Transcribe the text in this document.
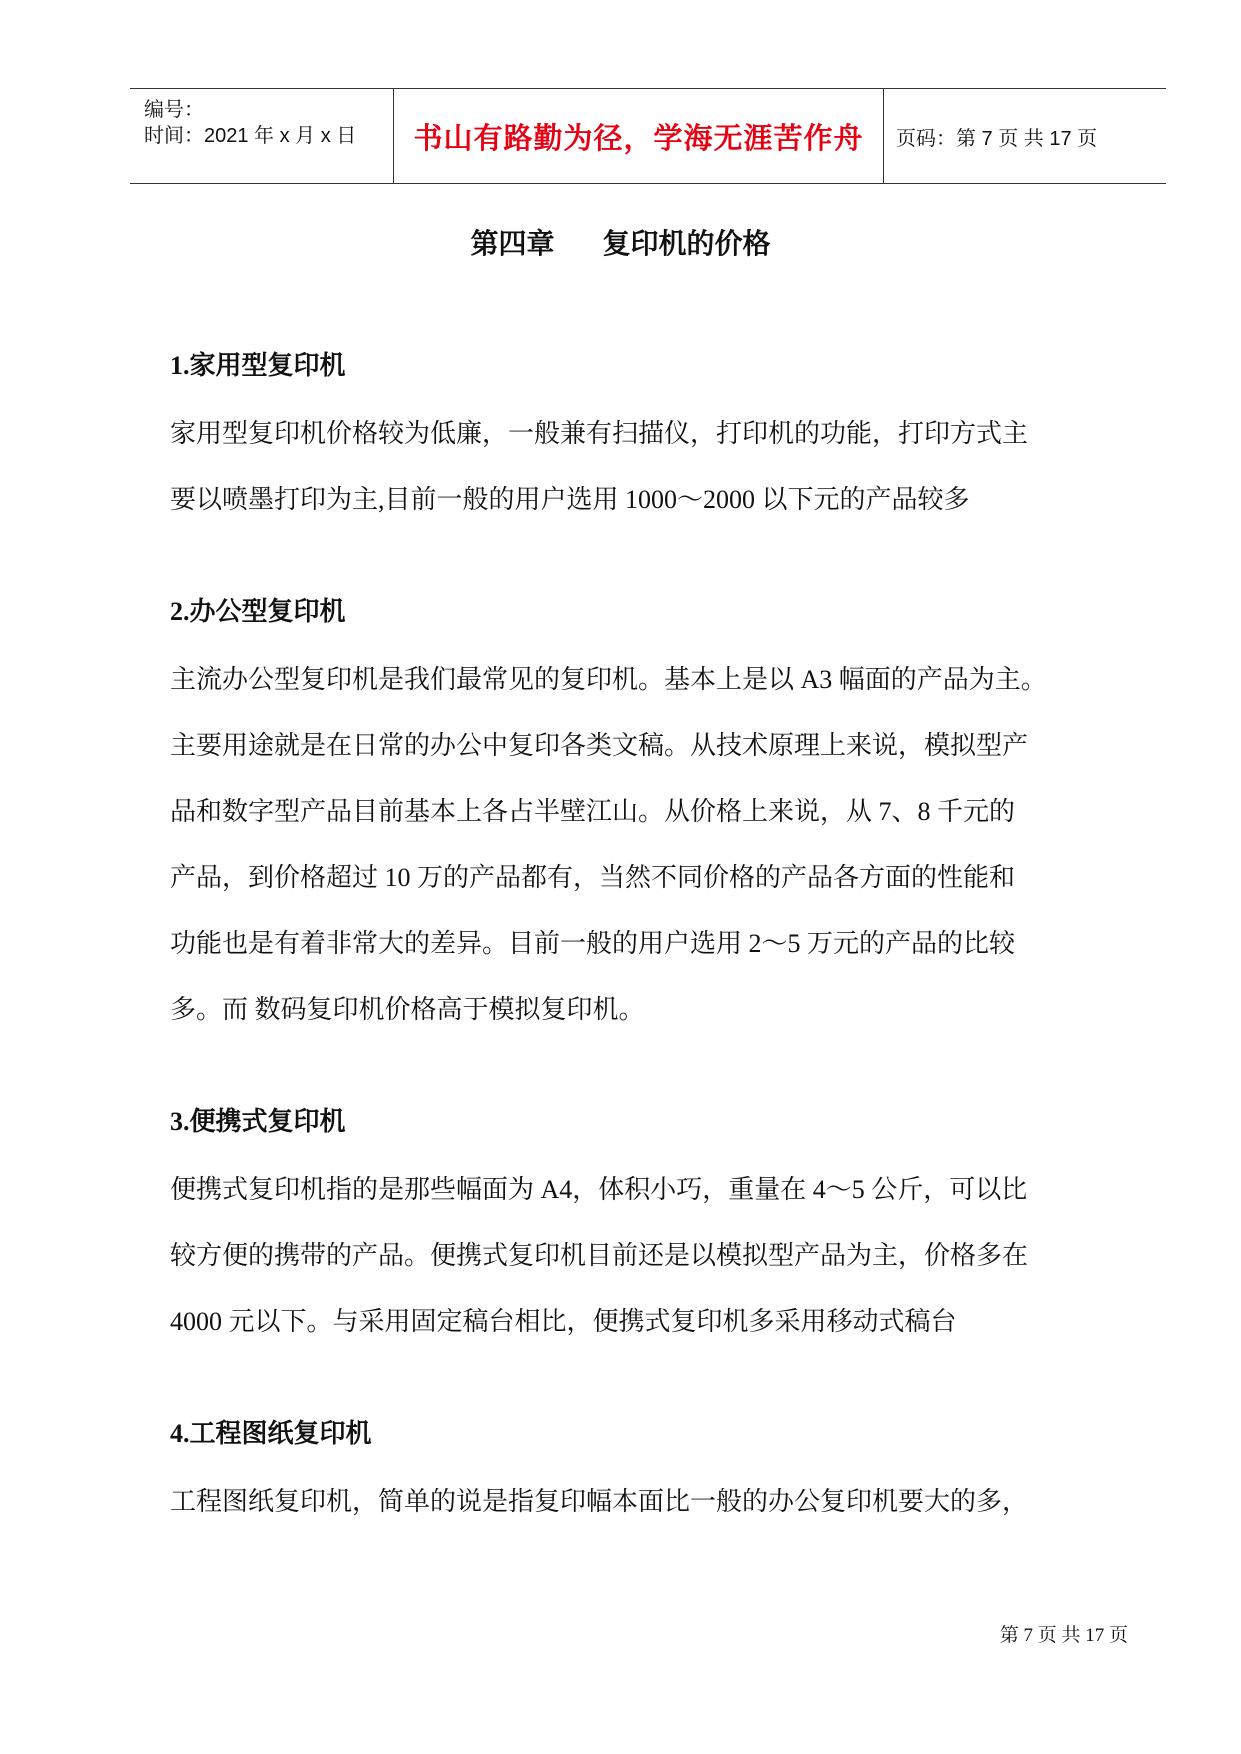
编号：
时间：2021 年 x 月 x 日 书山有路勤为径，学海无涯苦作舟 页码：第 7 页 共 17 页
第四章 复印机的价格
1.家用型复印机
家用型复印机价格较为低廉，一般兼有扫描仪，打印机的功能，打印方式主
要以喷墨打印为主,目前一般的用户选用 1000～2000 以下元的产品较多
2.办公型复印机
主流办公型复印机是我们最常见的复印机。基本上是以 A3 幅面的产品为主。
主要用途就是在日常的办公中复印各类文稿。从技术原理上来说，模拟型产
品和数字型产品目前基本上各占半壁江山。从价格上来说，从 7、8 千元的
产品，到价格超过 10 万的产品都有，当然不同价格的产品各方面的性能和
功能也是有着非常大的差异。目前一般的用户选用 2～5 万元的产品的比较
多。而 数码复印机价格高于模拟复印机。
3.便携式复印机
便携式复印机指的是那些幅面为 A4，体积小巧，重量在 4～5 公斤，可以比
较方便的携带的产品。便携式复印机目前还是以模拟型产品为主，价格多在
4000 元以下。与采用固定稿台相比，便携式复印机多采用移动式稿台
4.工程图纸复印机
工程图纸复印机，简单的说是指复印幅本面比一般的办公复印机要大的多，
第 7 页 共 17 页
